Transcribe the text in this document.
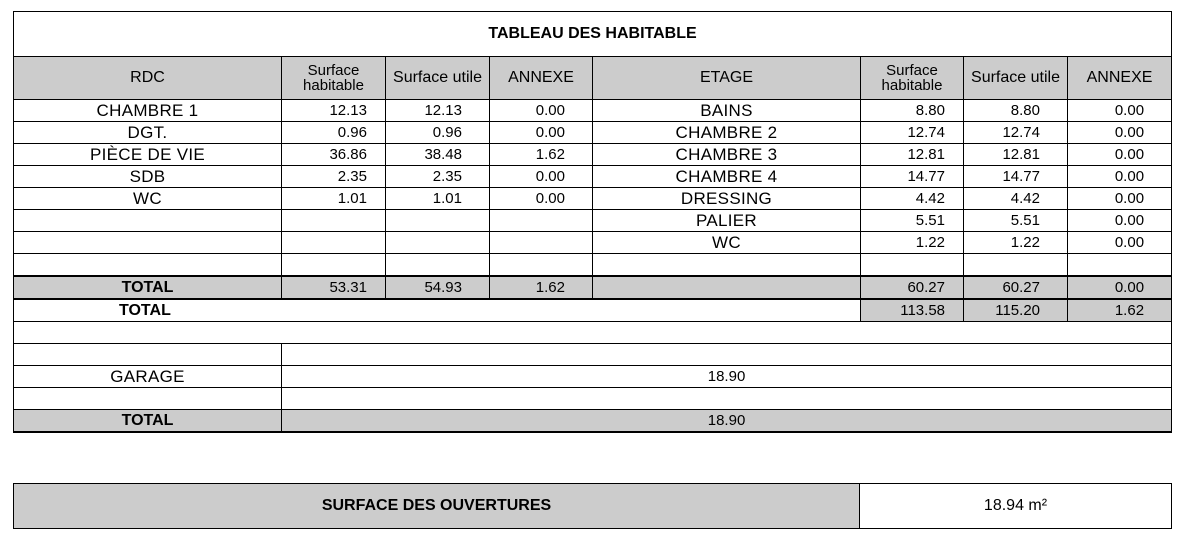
TABLEAU DES HABITABLE							
RDC	Surface habitable	Surface utile	ANNEXE	ETAGE	Surface habitable	Surface utile	ANNEXE
CHAMBRE 1	12.13	12.13	0.00	BAINS	8.80	8.80	0.00
DGT.	0.96	0.96	0.00	CHAMBRE 2	12.74	12.74	0.00
PIÈCE DE VIE	36.86	38.48	1.62	CHAMBRE 3	12.81	12.81	0.00
SDB	2.35	2.35	0.00	CHAMBRE 4	14.77	14.77	0.00
WC	1.01	1.01	0.00	DRESSING	4.42	4.42	0.00
				PALIER	5.51	5.51	0.00
				WC	1.22	1.22	0.00

TOTAL	53.31	54.93	1.62		60.27	60.27	0.00
TOTAL					113.58	115.20	1.62

GARAGE	18.90						

TOTAL	18.90						
SURFACE DES OUVERTURES	18.94 m²
